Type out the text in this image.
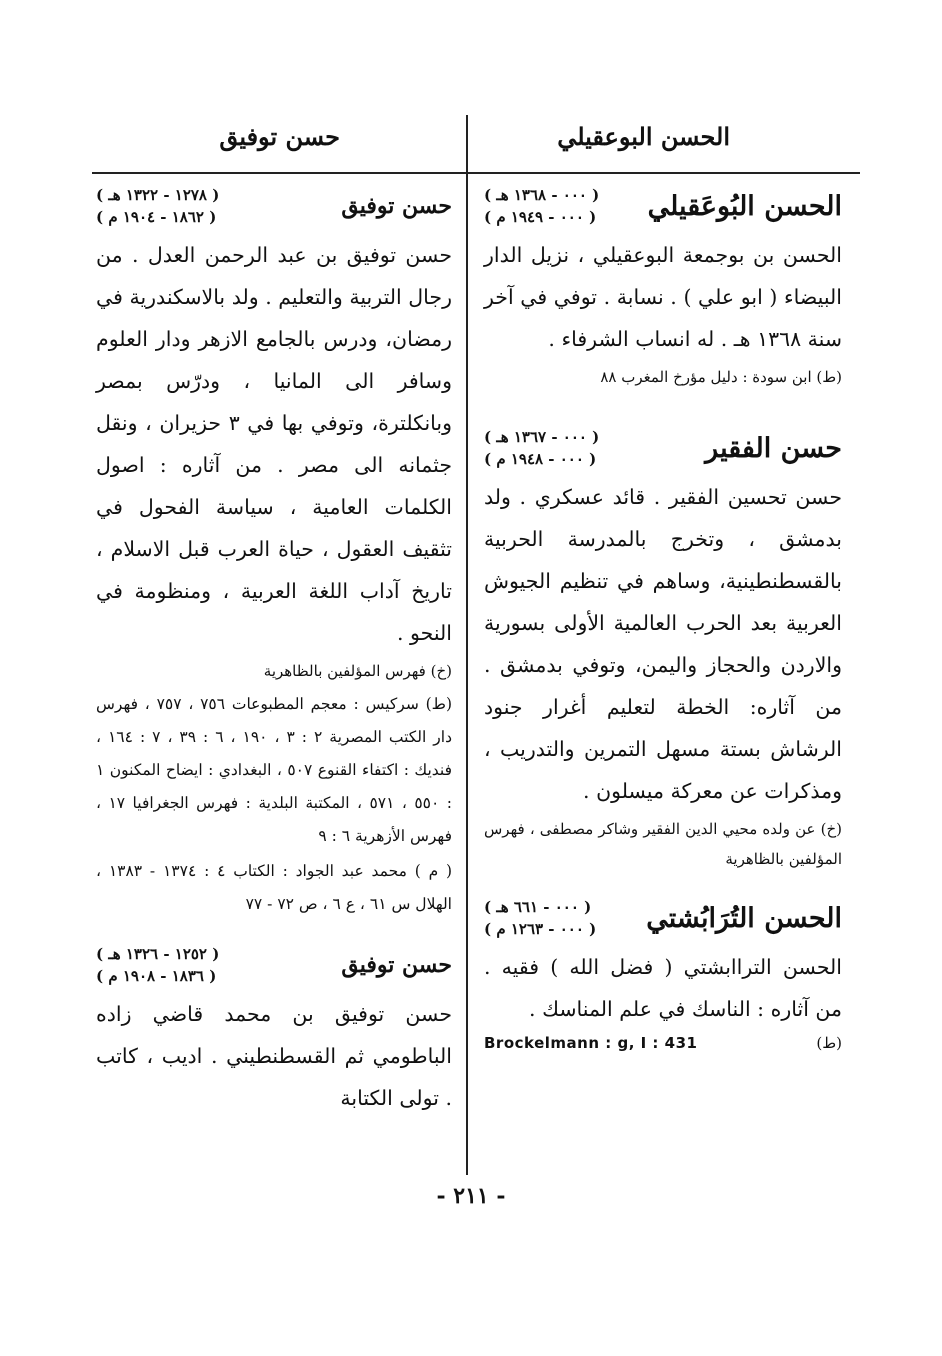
الحسن البوعقيلي
حسن توفيق
الحسن البُوعَقيلي
( ٠٠٠ - ١٣٦٨ هـ )
( ٠٠٠ - ١٩٤٩ م )

الحسن بن بوجمعة البوعقيلي ، نزيل الدار البيضاء ( ابو علي ) . نسابة . توفي في آخر سنة ١٣٦٨ هـ . له انساب الشرفاء .

(ط) ابن سودة : دليل مؤرخ المغرب ٨٨

حسن الفقير
( ٠٠٠ - ١٣٦٧ هـ )
( ٠٠٠ - ١٩٤٨ م )

حسن تحسين الفقير . قائد عسكري . ولد بدمشق ، وتخرج بالمدرسة الحربية بالقسطنطينية، وساهم في تنظيم الجيوش العربية بعد الحرب العالمية الأولى بسورية والاردن والحجاز واليمن، وتوفي بدمشق . من آثاره: الخطة لتعليم أغرار جنود الرشاش بستة مسهل التمرين والتدريب ، ومذكرات عن معركة ميسلون .

(خ) عن ولده محيي الدين الفقير وشاكر مصطفى ، فهرس المؤلفين بالظاهرية

الحسن التُرَابُشتي
( ٠٠٠ - ٦٦١ هـ )
( ٠٠٠ - ١٢٦٣ م )

الحسن التراابشتي ( فضل الله ) فقيه . من آثاره : الناسك في علم المناسك .

Brockelmann : g, I : 431	(ط)
حسن توفيق
( ١٢٧٨ - ١٣٢٢ هـ )
( ١٨٦٢ - ١٩٠٤ م )

حسن توفيق بن عبد الرحمن العدل . من رجال التربية والتعليم . ولد بالاسكندرية في رمضان، ودرس بالجامع الازهر ودار العلوم وسافر الى المانيا ، ودرّس بمصر وبانكلترة، وتوفي بها في ٣ حزيران ، ونقل جثمانه الى مصر . من آثاره : اصول الكلمات العامية ، سياسة الفحول في تثقيف العقول ، حياة العرب قبل الاسلام ، تاريخ آداب اللغة العربية ، ومنظومة في النحو .

(خ) فهرس المؤلفين بالظاهرية

(ط) سركيس : معجم المطبوعات ٧٥٦ ، ٧٥٧ ، فهرس دار الكتب المصرية ٢ : ٣ ، ١٩٠ ، ٦ : ٣٩ ، ٧ : ١٦٤ ، فنديك : اكتفاء القنوع ٥٠٧ ، البغدادي : ايضاح المكنون ١ : ٥٥٠ ، ٥٧١ ، المكتبة البلدية : فهرس الجغرافيا ١٧ ، فهرس الأزهرية ٦ : ٩

( م ) محمد عبد الجواد : الكتاب ٤ : ١٣٧٤ - ١٣٨٣ ، الهلال س ٦١ ، ع ٦ ، ص ٧٢ - ٧٧

حسن توفيق
( ١٢٥٢ - ١٣٢٦ هـ )
( ١٨٣٦ - ١٩٠٨ م )

حسن توفيق بن محمد قاضي زاده الباطومي ثم القسطنطيني . اديب ، كاتب . تولى الكتابة

- ٢١١ -
